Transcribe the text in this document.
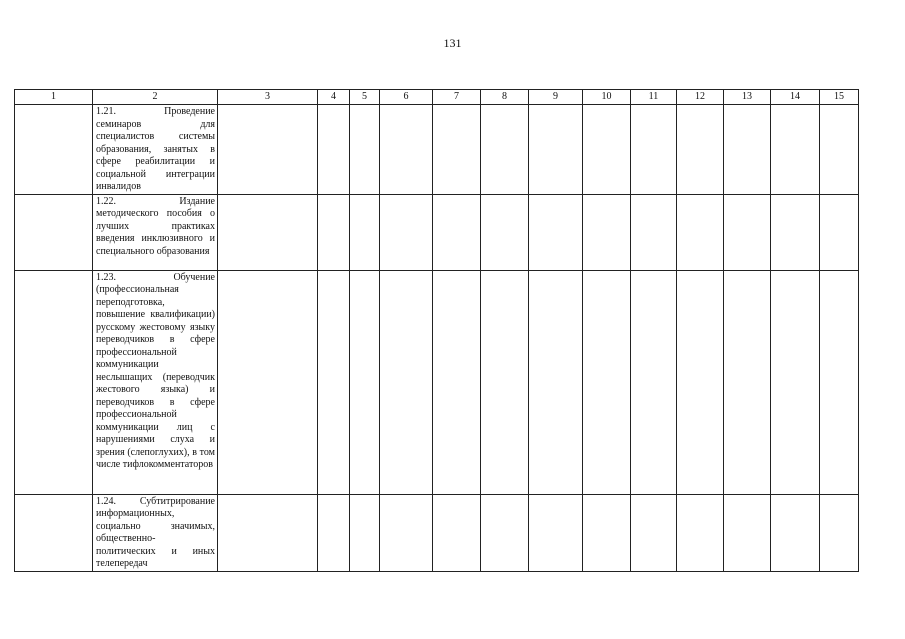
131
1	2	3	4	5	6	7	8	9	10	11	12	13	14	15
	1.21. Проведение семинаров для специалистов системы образования, занятых в сфере реабилитации и социальной интеграции инвалидов													
	1.22. Издание методического пособия о лучших практиках введения инклюзивного и специального образования													
	1.23. Обучение (профессиональная переподготовка, повышение квалификации) русскому жестовому языку переводчиков в сфере профессиональной коммуникации неслышащих (переводчик жестового языка) и переводчиков в сфере профессиональной коммуникации лиц с нарушениями слуха и зрения (слепоглухих), в том числе тифлокомментаторов													
	1.24. Субтитрирование информационных, социально значимых, общественно-политических и иных телепередач													
